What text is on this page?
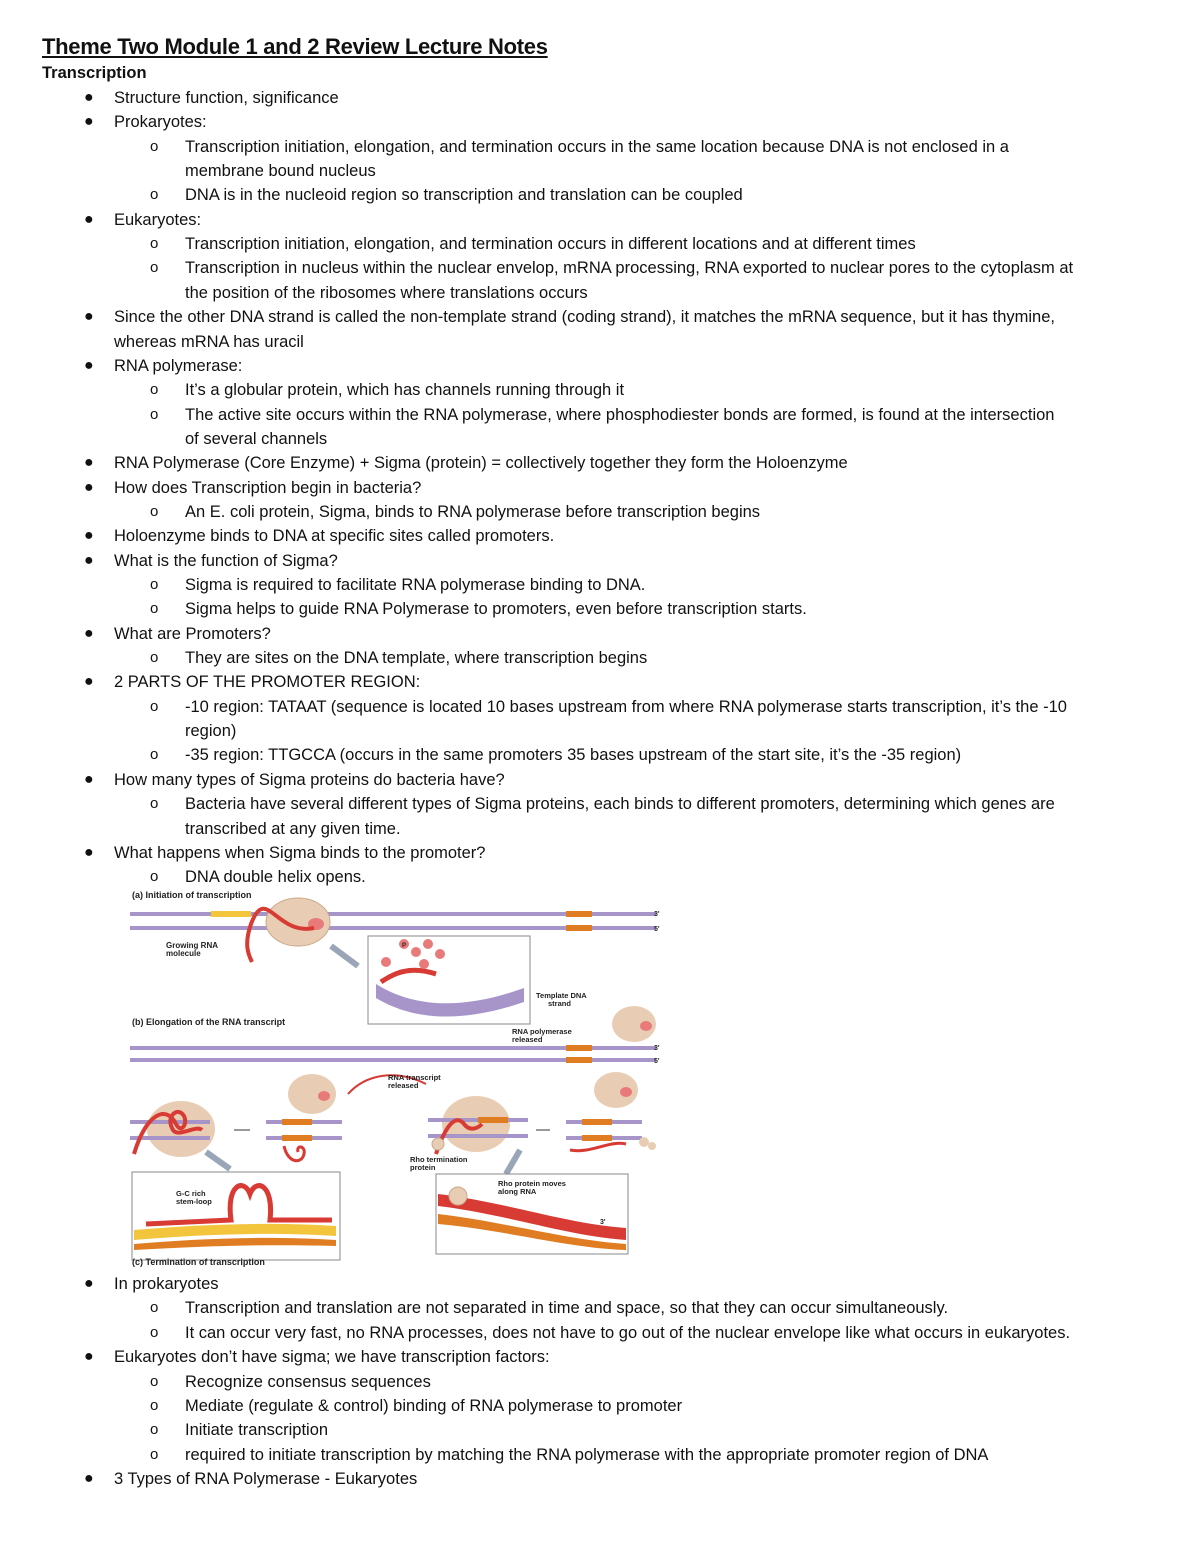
Theme Two Module 1 and 2 Review Lecture Notes
Transcription
● Structure function, significance
● Prokaryotes:
o Transcription initiation, elongation, and termination occurs in the same location because DNA is not enclosed in a
membrane bound nucleus
o DNA is in the nucleoid region so transcription and translation can be coupled
● Eukaryotes:
o Transcription initiation, elongation, and termination occurs in different locations and at different times
o Transcription in nucleus within the nuclear envelop, mRNA processing, RNA exported to nuclear pores to the cytoplasm at
the position of the ribosomes where translations occurs
● Since the other DNA strand is called the non-template strand (coding strand), it matches the mRNA sequence, but it has thymine,
whereas mRNA has uracil
● RNA polymerase:
o It’s a globular protein, which has channels running through it
o The active site occurs within the RNA polymerase, where phosphodiester bonds are formed, is found at the intersection
of several channels
● RNA Polymerase (Core Enzyme) + Sigma (protein) = collectively together they form the Holoenzyme
● How does Transcription begin in bacteria?
o An E. coli protein, Sigma, binds to RNA polymerase before transcription begins
● Holoenzyme binds to DNA at specific sites called promoters.
● What is the function of Sigma?
o Sigma is required to facilitate RNA polymerase binding to DNA.
o Sigma helps to guide RNA Polymerase to promoters, even before transcription starts.
● What are Promoters?
o They are sites on the DNA template, where transcription begins
● 2 PARTS OF THE PROMOTER REGION:
o -10 region: TATAAT (sequence is located 10 bases upstream from where RNA polymerase starts transcription, it’s the -10
region)
o -35 region: TTGCCA (occurs in the same promoters 35 bases upstream of the start site, it’s the -35 region)
● How many types of Sigma proteins do bacteria have?
o Bacteria have several different types of Sigma proteins, each binds to different promoters, determining which genes are
transcribed at any given time.
● What happens when Sigma binds to the promoter?
o DNA double helix opens.
● In prokaryotes
o Transcription and translation are not separated in time and space, so that they can occur simultaneously.
o It can occur very fast, no RNA processes, does not have to go out of the nuclear envelope like what occurs in eukaryotes.
● Eukaryotes don’t have sigma; we have transcription factors:
o Recognize consensus sequences
o Mediate (regulate & control) binding of RNA polymerase to promoter
o Initiate transcription
o required to initiate transcription by matching the RNA polymerase with the appropriate promoter region of DNA
● 3 Types of RNA Polymerase - Eukaryotes
(a) Initiation of transcription
Growing RNA
molecule
3'
5'
P
Template DNA
strand
(b) Elongation of the RNA transcript
RNA polymerase
released
3'
5'
RNA transcript
released
G-C rich
stem-loop
(c) Termination of transcription
Rho termination
protein
Rho protein moves
along RNA
3'
